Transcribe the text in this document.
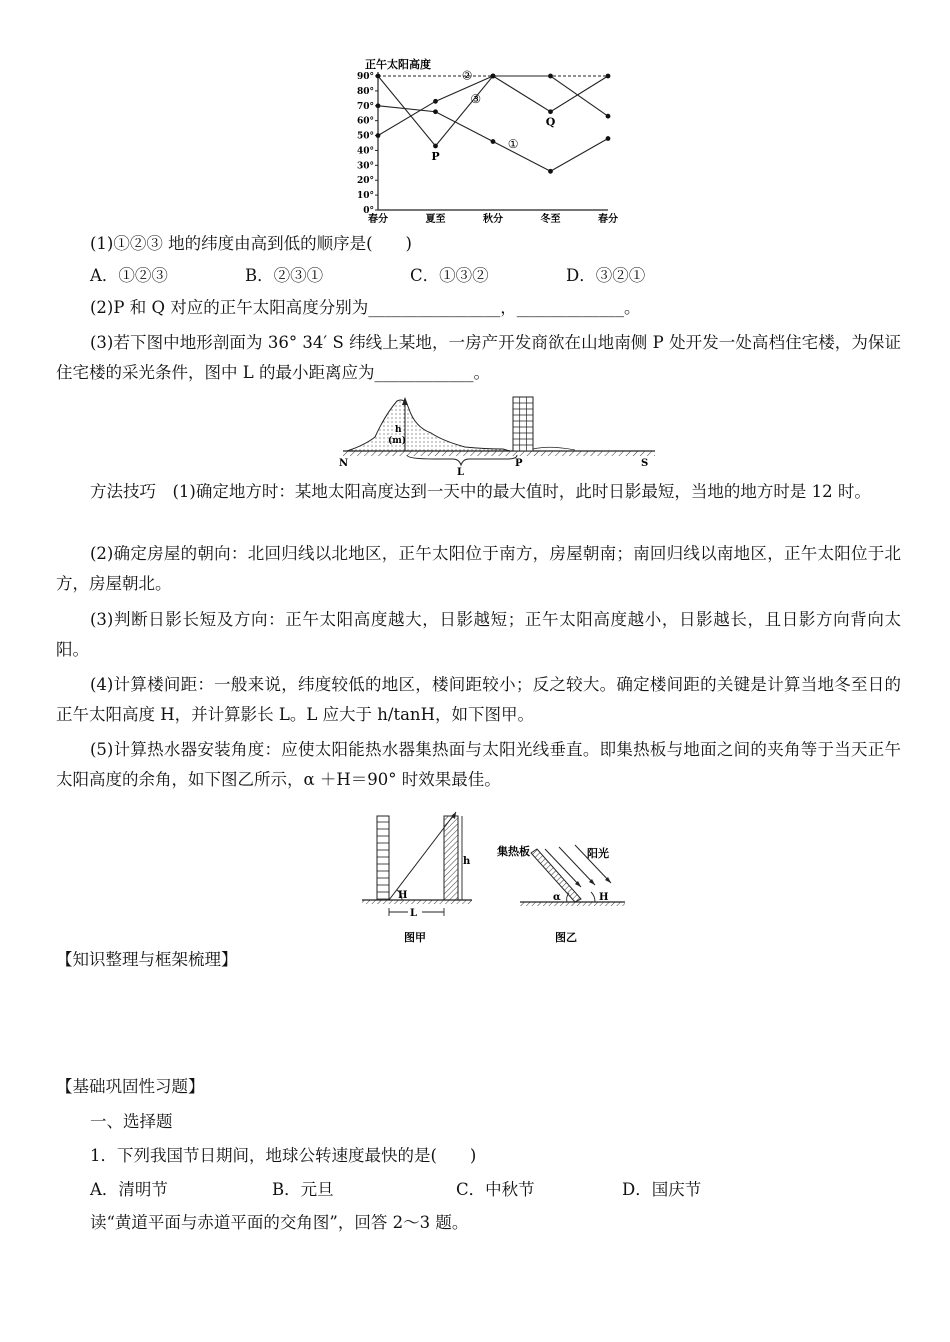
正午太阳高度
90°
80°
70°
60°
50°
40°
30°
20°
10°
0°
春分	夏至	秋分	冬至	春分
①
②
③
P
Q
(1)①②③ 地的纬度由高到低的顺序是(　　)
A．①②③	B．②③①	C．①③②	D．③②①
(2)P 和 Q 对应的正午太阳高度分别为________________，_____________。
(3)若下图中地形剖面为 36° 34′ S 纬线上某地，一房产开发商欲在山地南侧 P 处开发一处高档住宅楼，为保证住宅楼的采光条件，图中 L 的最小距离应为____________。
h
(m)
N
L
P	S
方法技巧　(1)确定地方时：某地太阳高度达到一天中的最大值时，此时日影最短，当地的地方时是 12 时。
(2)确定房屋的朝向：北回归线以北地区，正午太阳位于南方，房屋朝南；南回归线以南地区，正午太阳位于北方，房屋朝北。
(3)判断日影长短及方向：正午太阳高度越大，日影越短；正午太阳高度越小，日影越长，且日影方向背向太阳。
(4)计算楼间距：一般来说，纬度较低的地区，楼间距较小；反之较大。确定楼间距的关键是计算当地冬至日的正午太阳高度 H，并计算影长 L。L 应大于 h/tanH，如下图甲。
(5)计算热水器安装角度：应使太阳能热水器集热面与太阳光线垂直。即集热板与地面之间的夹角等于当天正午太阳高度的余角，如下图乙所示，α ＋H＝90° 时效果最佳。
H
h
L
图甲
集热板	阳光
α	H
图乙
【知识整理与框架梳理】
【基础巩固性习题】
一、选择题
1．下列我国节日期间，地球公转速度最快的是(　　)
A．清明节	B．元旦	C．中秋节	D．国庆节
读“黄道平面与赤道平面的交角图”，回答 2～3 题。
